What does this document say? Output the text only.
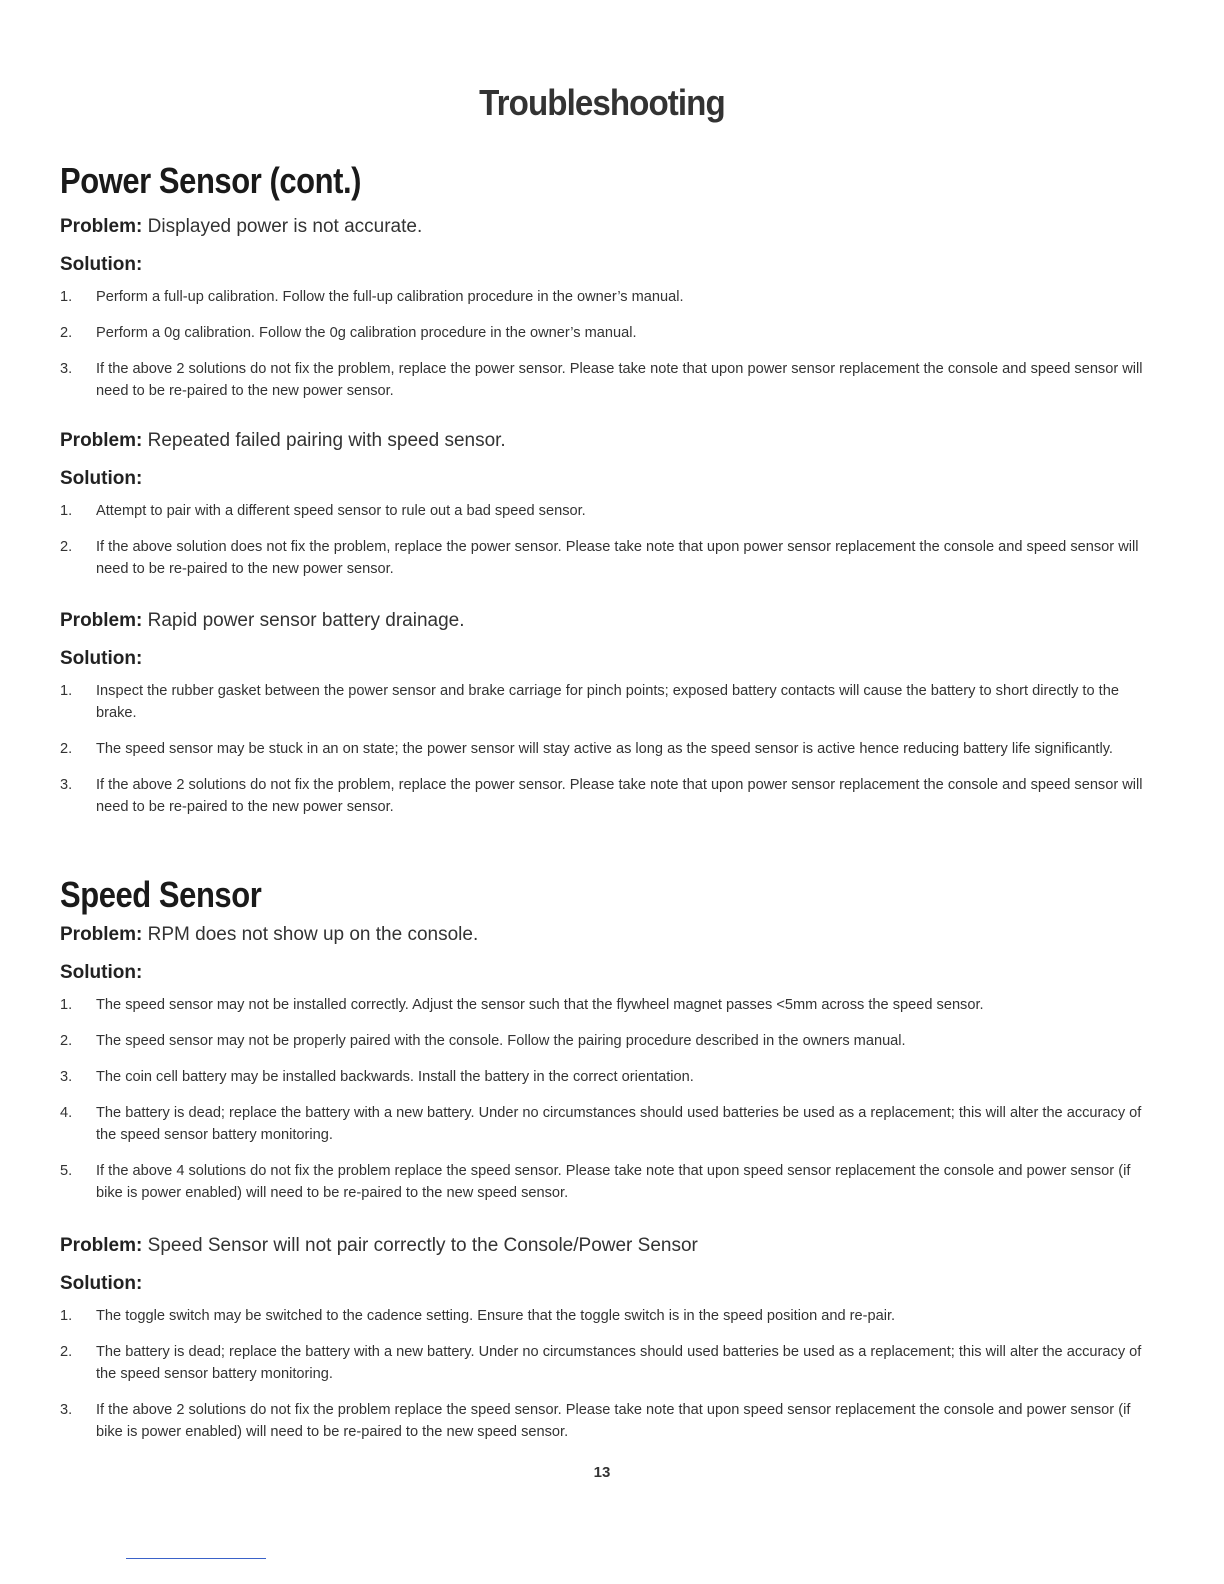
Troubleshooting
Power Sensor (cont.)
Problem: Displayed power is not accurate.
Solution:
1. Perform a full-up calibration. Follow the full-up calibration procedure in the owner’s manual.
2. Perform a 0g calibration. Follow the 0g calibration procedure in the owner’s manual.
3. If the above 2 solutions do not fix the problem, replace the power sensor. Please take note that upon power sensor replacement the console and speed sensor will need to be re-paired to the new power sensor.
Problem: Repeated failed pairing with speed sensor.
Solution:
1. Attempt to pair with a different speed sensor to rule out a bad speed sensor.
2. If the above solution does not fix the problem, replace the power sensor. Please take note that upon power sensor replacement the console and speed sensor will need to be re-paired to the new power sensor.
Problem: Rapid power sensor battery drainage.
Solution:
1. Inspect the rubber gasket between the power sensor and brake carriage for pinch points; exposed battery contacts will cause the battery to short directly to the brake.
2. The speed sensor may be stuck in an on state; the power sensor will stay active as long as the speed sensor is active hence reducing battery life significantly.
3. If the above 2 solutions do not fix the problem, replace the power sensor. Please take note that upon power sensor replacement the console and speed sensor will need to be re-paired to the new power sensor.
Speed Sensor
Problem: RPM does not show up on the console.
Solution:
1. The speed sensor may not be installed correctly. Adjust the sensor such that the flywheel magnet passes <5mm across the speed sensor.
2. The speed sensor may not be properly paired with the console. Follow the pairing procedure described in the owners manual.
3. The coin cell battery may be installed backwards. Install the battery in the correct orientation.
4. The battery is dead; replace the battery with a new battery. Under no circumstances should used batteries be used as a replacement; this will alter the accuracy of the speed sensor battery monitoring.
5. If the above 4 solutions do not fix the problem replace the speed sensor. Please take note that upon speed sensor replacement the console and power sensor (if bike is power enabled) will need to be re-paired to the new speed sensor.
Problem: Speed Sensor will not pair correctly to the Console/Power Sensor
Solution:
1. The toggle switch may be switched to the cadence setting. Ensure that the toggle switch is in the speed position and re-pair.
2. The battery is dead; replace the battery with a new battery. Under no circumstances should used batteries be used as a replacement; this will alter the accuracy of the speed sensor battery monitoring.
3. If the above 2 solutions do not fix the problem replace the speed sensor. Please take note that upon speed sensor replacement the console and power sensor (if bike is power enabled) will need to be re-paired to the new speed sensor.
13
